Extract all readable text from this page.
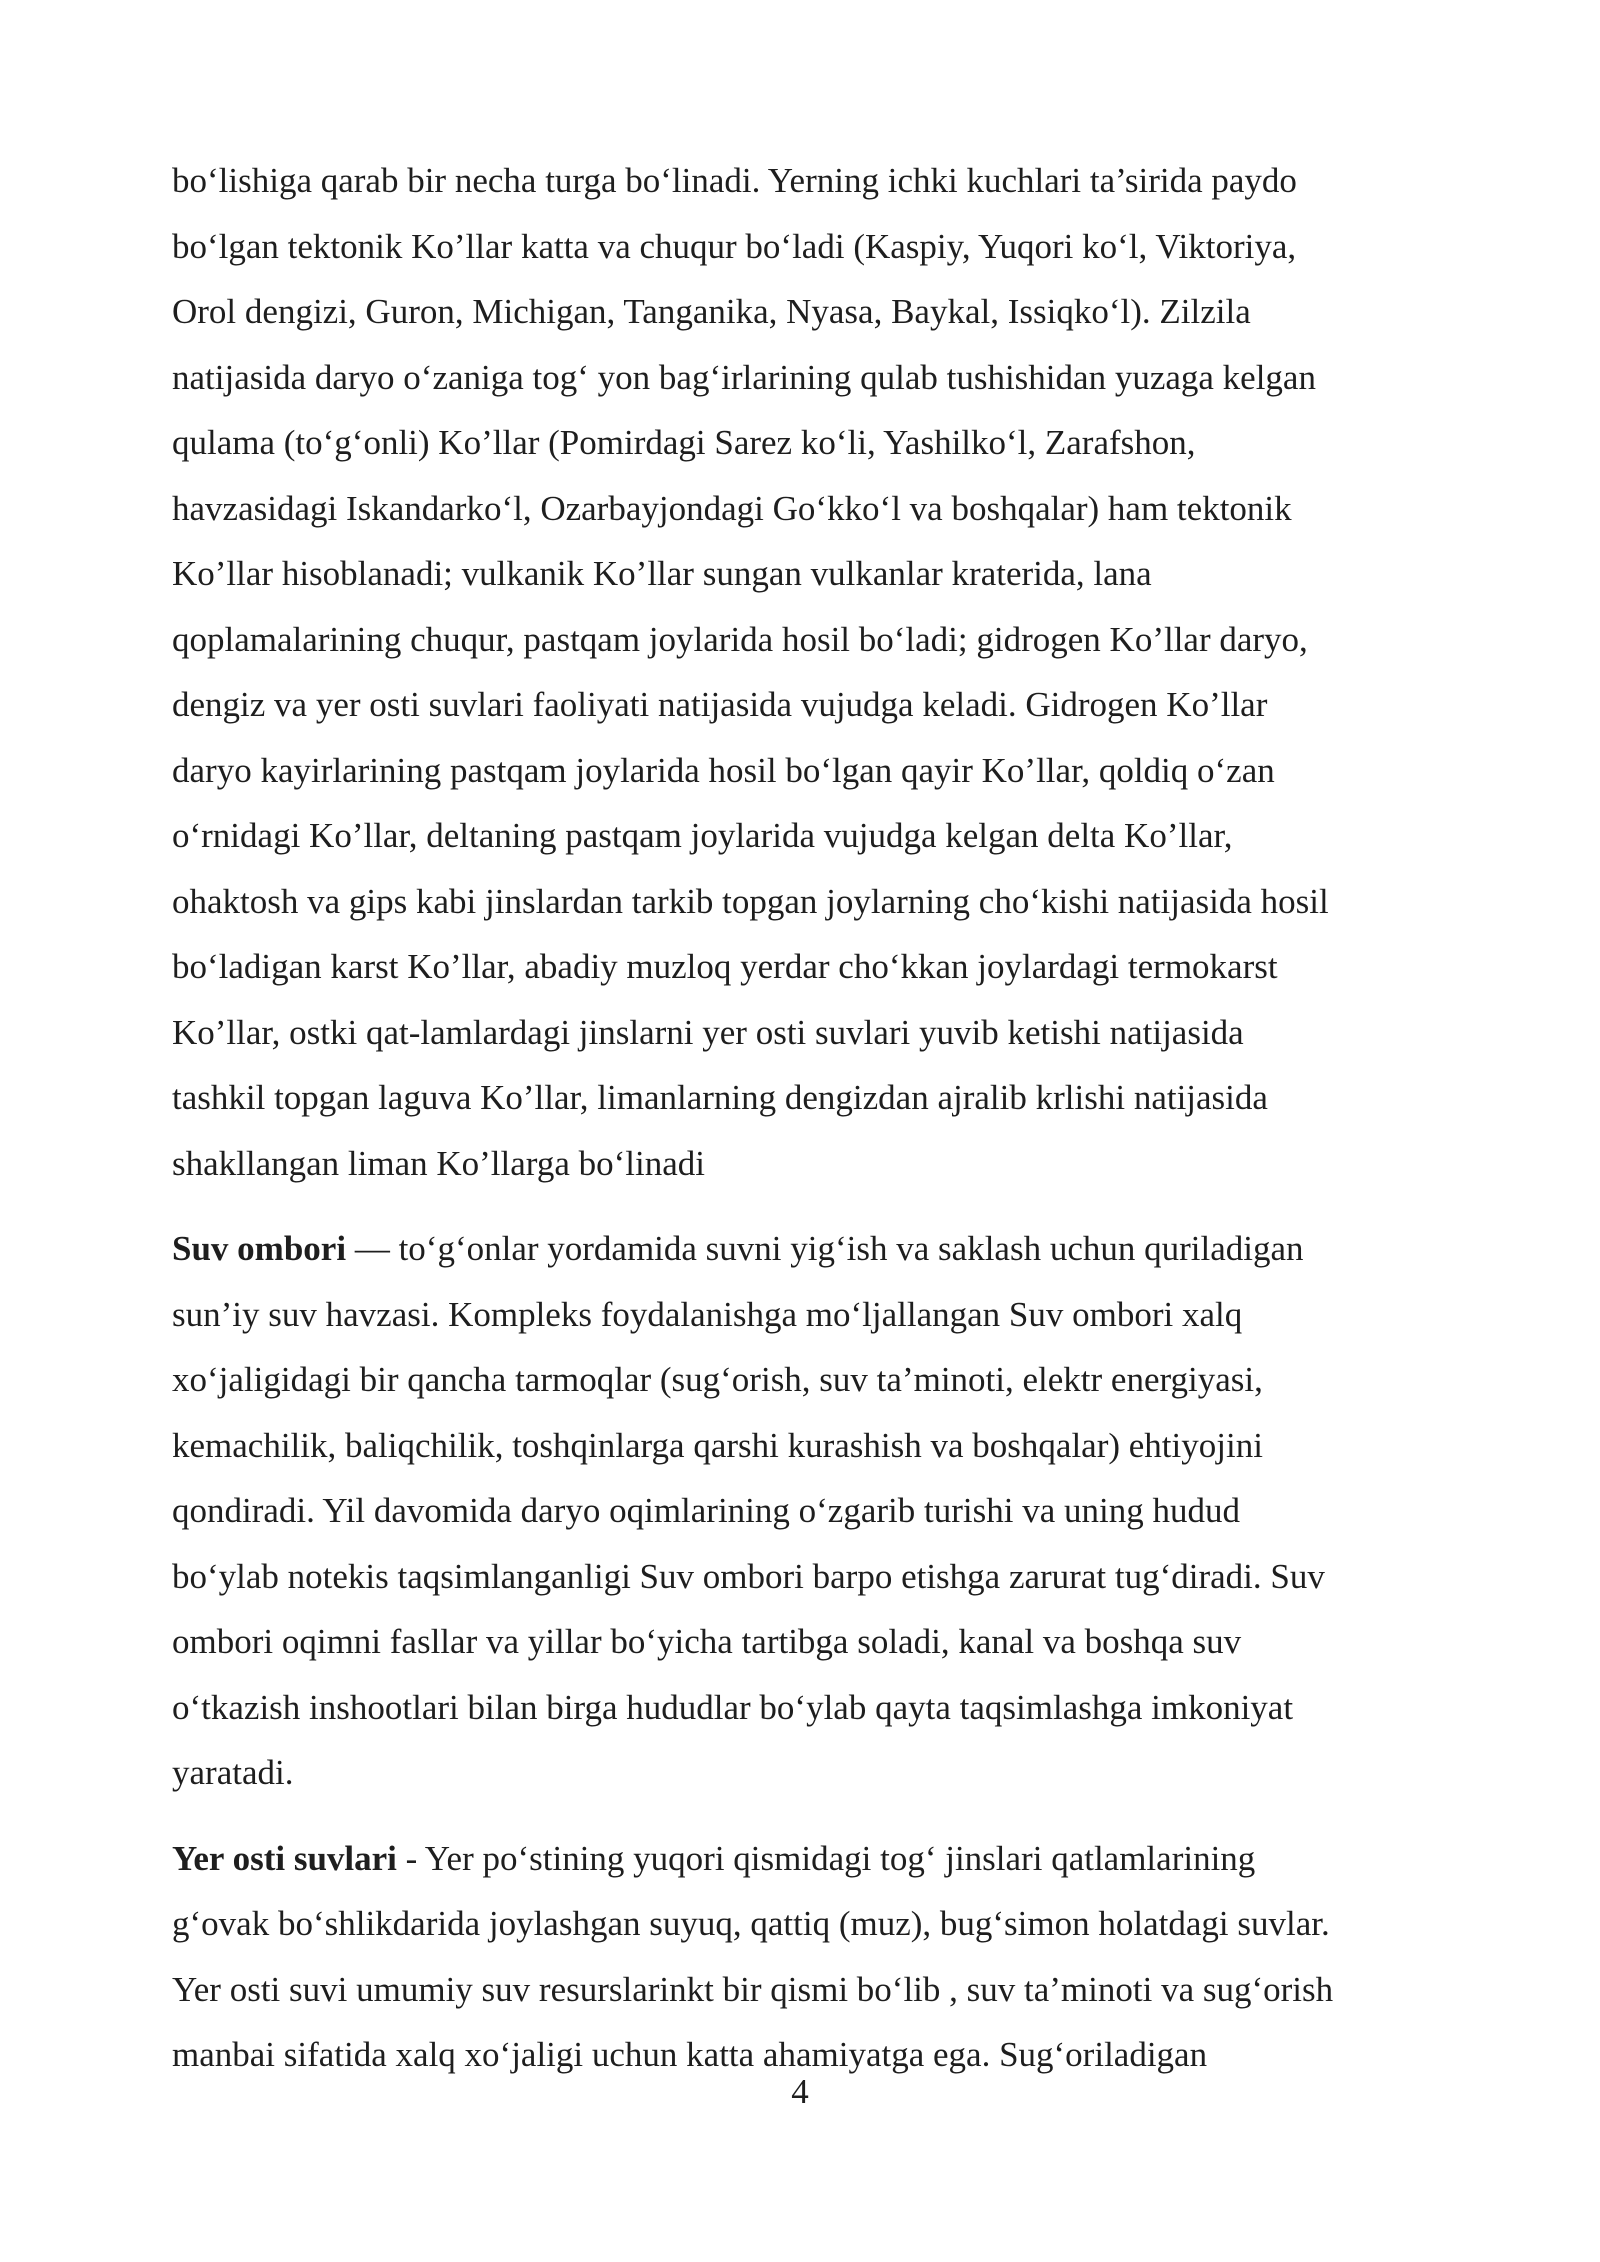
bo‘lishiga qarab bir necha turga bo‘linadi. Yerning ichki kuchlari ta’sirida paydo
bo‘lgan tektonik Ko’llar katta va chuqur bo‘ladi (Kaspiy, Yuqori ko‘l, Viktoriya,
Orol dengizi, Guron, Michigan, Tanganika, Nyasa, Baykal, Issiqko‘l). Zilzila
natijasida daryo o‘zaniga tog‘ yon bag‘irlarining qulab tushishidan yuzaga kelgan
qulama (to‘g‘onli) Ko’llar (Pomirdagi Sarez ko‘li, Yashilko‘l, Zarafshon,
havzasidagi Iskandarko‘l, Ozarbayjondagi Go‘kko‘l va boshqalar) ham tektonik
Ko’llar hisoblanadi; vulkanik Ko’llar sungan vulkanlar kraterida, lana
qoplamalarining chuqur, pastqam joylarida hosil bo‘ladi; gidrogen Ko’llar daryo,
dengiz va yer osti suvlari faoliyati natijasida vujudga keladi. Gidrogen Ko’llar
daryo kayirlarining pastqam joylarida hosil bo‘lgan qayir Ko’llar, qoldiq o‘zan
o‘rnidagi Ko’llar, deltaning pastqam joylarida vujudga kelgan delta Ko’llar,
ohaktosh va gips kabi jinslardan tarkib topgan joylarning cho‘kishi natijasida hosil
bo‘ladigan karst Ko’llar, abadiy muzloq yerdar cho‘kkan joylardagi termokarst
Ko’llar, ostki qat-lamlardagi jinslarni yer osti suvlari yuvib ketishi natijasida
tashkil topgan laguva Ko’llar, limanlarning dengizdan ajralib krlishi natijasida
shakllangan liman Ko’llarga bo‘linadi
Suv ombori — to‘g‘onlar yordamida suvni yig‘ish va saklash uchun quriladigan
sun’iy suv havzasi. Kompleks foydalanishga mo‘ljallangan Suv ombori xalq
xo‘jaligidagi bir qancha tarmoqlar (sug‘orish, suv ta’minoti, elektr energiyasi,
kemachilik, baliqchilik, toshqinlarga qarshi kurashish va boshqalar) ehtiyojini
qondiradi. Yil davomida daryo oqimlarining o‘zgarib turishi va uning hudud
bo‘ylab notekis taqsimlanganligi Suv ombori barpo etishga zarurat tug‘diradi. Suv
ombori oqimni fasllar va yillar bo‘yicha tartibga soladi, kanal va boshqa suv
o‘tkazish inshootlari bilan birga hududlar bo‘ylab qayta taqsimlashga imkoniyat
yaratadi.
Yer osti suvlari - Yer po‘stining yuqori qismidagi tog‘ jinslari qatlamlarining
g‘ovak bo‘shlikdarida joylashgan suyuq, qattiq (muz), bug‘simon holatdagi suvlar.
Yer osti suvi umumiy suv resurslarinkt bir qismi bo‘lib , suv ta’minoti va sug‘orish
manbai sifatida xalq xo‘jaligi uchun katta ahamiyatga ega. Sug‘oriladigan
4
